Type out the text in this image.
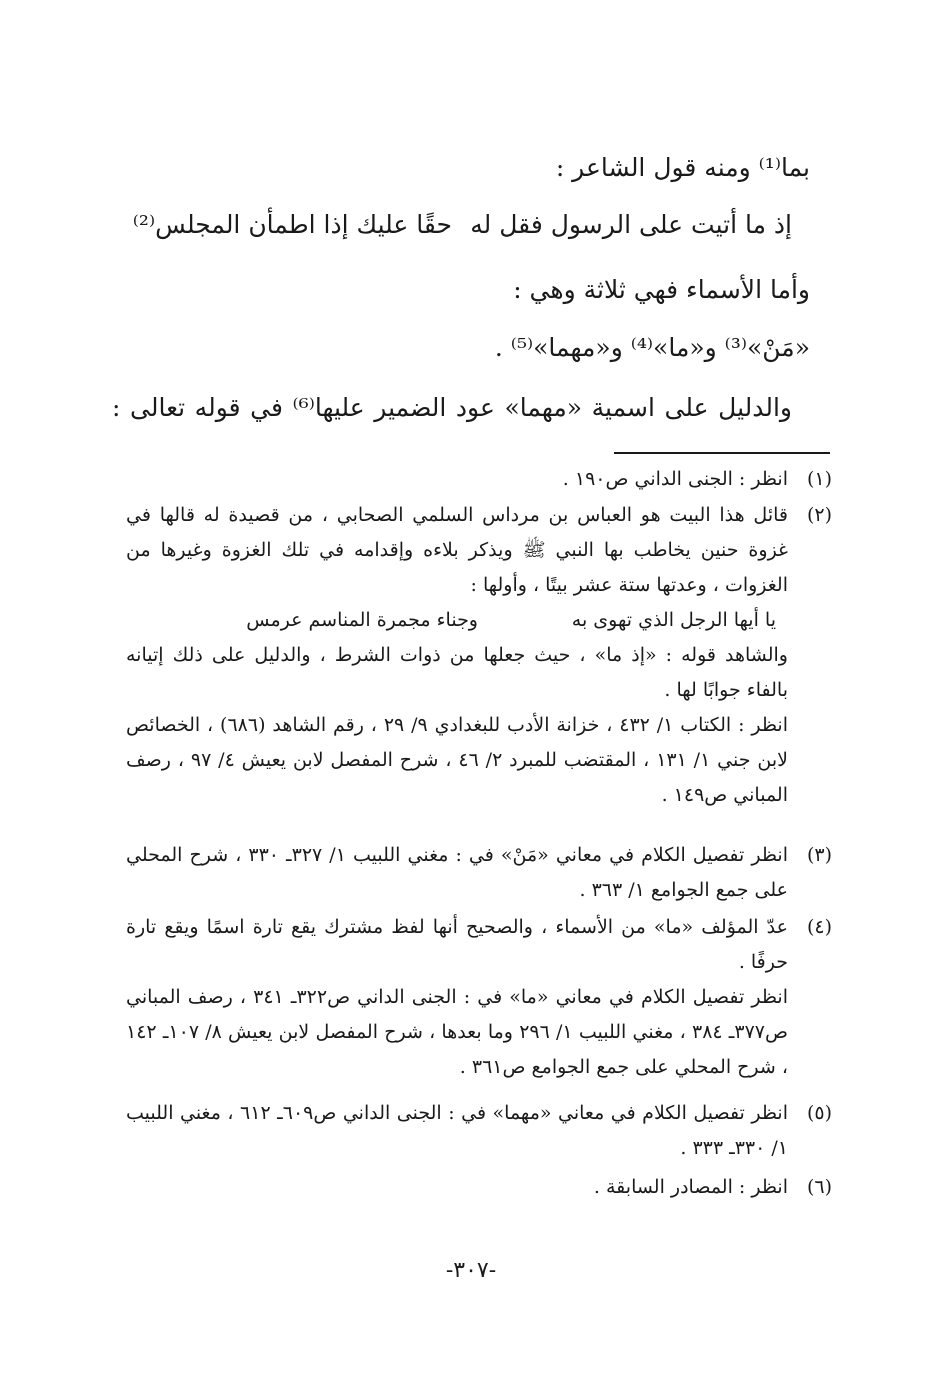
بما⁽¹⁾ ومنه قول الشاعر :
إذ ما أتيت على الرسول فقل له
حقًا عليك إذا اطمأن المجلس⁽²⁾
وأما الأسماء فهي ثلاثة وهي :
«مَنْ»⁽³⁾ و«ما»⁽⁴⁾ و«مهما»⁽⁵⁾ .
والدليل على اسمية «مهما» عود الضمير عليها⁽⁶⁾ في قوله تعالى :
(١)
انظر : الجنى الداني ص١٩٠ .
(٢)
قائل هذا البيت هو العباس بن مرداس السلمي الصحابي ، من قصيدة له قالها في غزوة حنين يخاطب بها النبي ﷺ ويذكر بلاءه وإقدامه في تلك الغزوة وغيرها من الغزوات ، وعدتها ستة عشر بيتًا ، وأولها :
يا أيها الرجل الذي تهوى به
وجناء مجمرة المناسم عرمس
والشاهد قوله : «إذ ما» ، حيث جعلها من ذوات الشرط ، والدليل على ذلك إتيانه بالفاء جوابًا لها .
انظر : الكتاب ١/ ٤٣٢ ، خزانة الأدب للبغدادي ٩/ ٢٩ ، رقم الشاهد (٦٨٦) ، الخصائص لابن جني ١/ ١٣١ ، المقتضب للمبرد ٢/ ٤٦ ، شرح المفصل لابن يعيش ٤/ ٩٧ ، رصف المباني ص١٤٩ .
(٣)
انظر تفصيل الكلام في معاني «مَنْ» في : مغني اللبيب ١/ ٣٢٧ـ ٣٣٠ ، شرح المحلي على جمع الجوامع ١/ ٣٦٣ .
(٤)
عدّ المؤلف «ما» من الأسماء ، والصحيح أنها لفظ مشترك يقع تارة اسمًا ويقع تارة حرفًا .
انظر تفصيل الكلام في معاني «ما» في : الجنى الداني ص٣٢٢ـ ٣٤١ ، رصف المباني ص٣٧٧ـ ٣٨٤ ، مغني اللبيب ١/ ٢٩٦ وما بعدها ، شرح المفصل لابن يعيش ٨/ ١٠٧ـ ١٤٢ ، شرح المحلي على جمع الجوامع ص٣٦١ .
(٥)
انظر تفصيل الكلام في معاني «مهما» في : الجنى الداني ص٦٠٩ـ ٦١٢ ، مغني اللبيب ١/ ٣٣٠ـ ٣٣٣ .
(٦)
انظر : المصادر السابقة .
-٣٠٧-
